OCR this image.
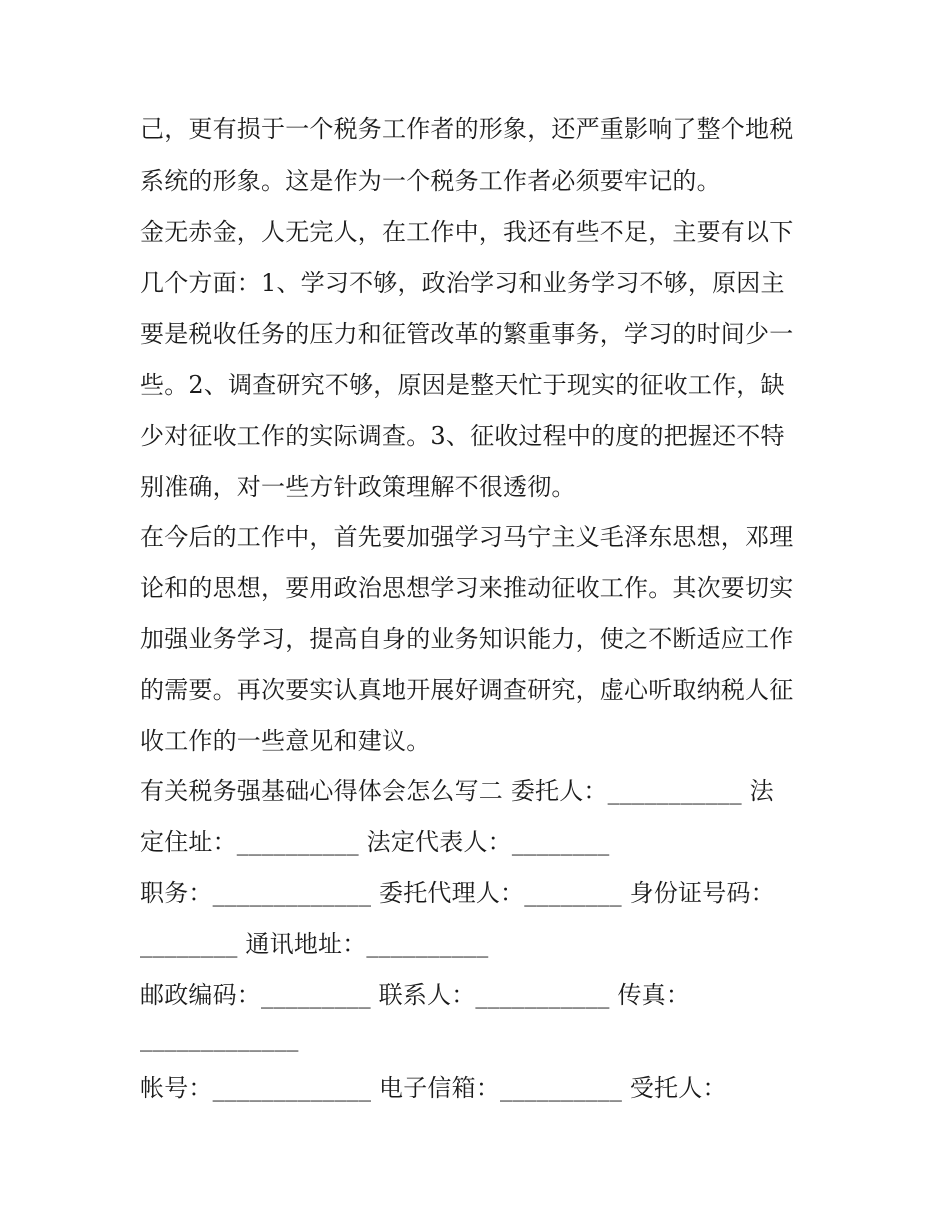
己，更有损于一个税务工作者的形象，还严重影响了整个地税
系统的形象。这是作为一个税务工作者必须要牢记的。
金无赤金，人无完人，在工作中，我还有些不足，主要有以下
几个方面：1、学习不够，政治学习和业务学习不够，原因主
要是税收任务的压力和征管改革的繁重事务，学习的时间少一
些。2、调查研究不够，原因是整天忙于现实的征收工作，缺
少对征收工作的实际调查。3、征收过程中的度的把握还不特
别准确，对一些方针政策理解不很透彻。
在今后的工作中，首先要加强学习马宁主义毛泽东思想，邓理
论和的思想，要用政治思想学习来推动征收工作。其次要切实
加强业务学习，提高自身的业务知识能力，使之不断适应工作
的需要。再次要实认真地开展好调查研究，虚心听取纳税人征
收工作的一些意见和建议。
有关税务强基础心得体会怎么写二 委托人：___________ 法
定住址：__________ 法定代表人：________
职务：_____________ 委托代理人：________ 身份证号码：
________ 通讯地址：__________
邮政编码：_________ 联系人：___________ 传真：
_____________
帐号：_____________ 电子信箱：__________ 受托人：
